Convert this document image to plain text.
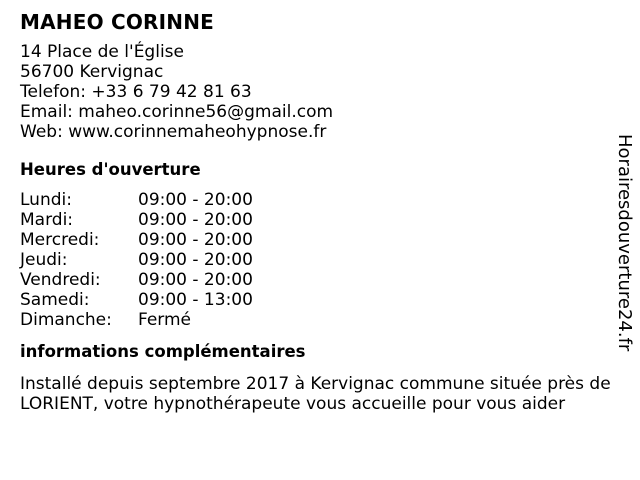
MAHEO CORINNE
14 Place de l'Église
56700 Kervignac
Telefon: +33 6 79 42 81 63
Email: maheo.corinne56@gmail.com
Web: www.corinnemaheohypnose.fr
Heures d'ouverture
Lundi:	09:00 - 20:00
Mardi:	09:00 - 20:00
Mercredi:	09:00 - 20:00
Jeudi:	09:00 - 20:00
Vendredi:	09:00 - 20:00
Samedi:	09:00 - 13:00
Dimanche:	Fermé
informations complémentaires
Installé depuis septembre 2017 à Kervignac commune située près de LORIENT, votre hypnothérapeute vous accueille pour vous aider
Horairesdouverture24.fr
